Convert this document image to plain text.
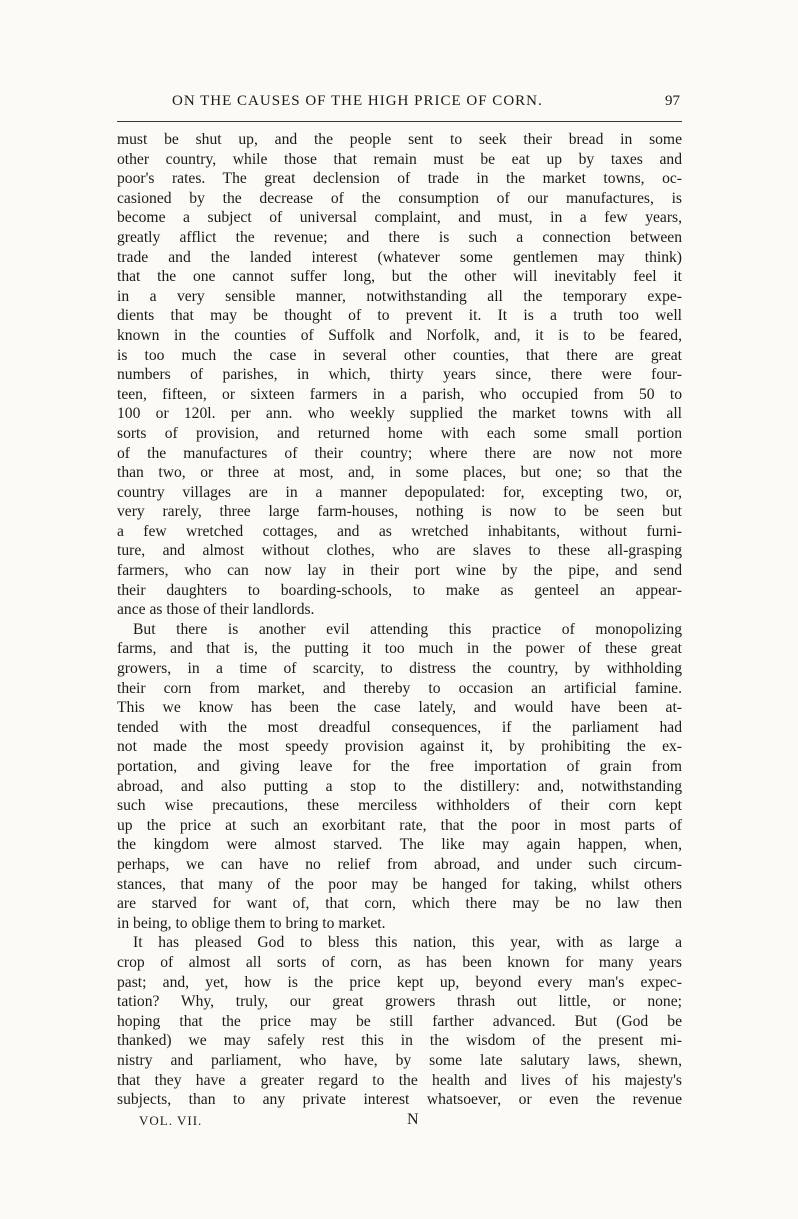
ON THE CAUSES OF THE HIGH PRICE OF CORN.	97
must be shut up, and the people sent to seek their bread in some
other country, while those that remain must be eat up by taxes and
poor's rates. The great declension of trade in the market towns, oc-
casioned by the decrease of the consumption of our manufactures, is
become a subject of universal complaint, and must, in a few years,
greatly afflict the revenue; and there is such a connection between
trade and the landed interest (whatever some gentlemen may think)
that the one cannot suffer long, but the other will inevitably feel it
in a very sensible manner, notwithstanding all the temporary expe-
dients that may be thought of to prevent it. It is a truth too well
known in the counties of Suffolk and Norfolk, and, it is to be feared,
is too much the case in several other counties, that there are great
numbers of parishes, in which, thirty years since, there were four-
teen, fifteen, or sixteen farmers in a parish, who occupied from 50 to
100 or 120l. per ann. who weekly supplied the market towns with all
sorts of provision, and returned home with each some small portion
of the manufactures of their country; where there are now not more
than two, or three at most, and, in some places, but one; so that the
country villages are in a manner depopulated: for, excepting two, or,
very rarely, three large farm-houses, nothing is now to be seen but
a few wretched cottages, and as wretched inhabitants, without furni-
ture, and almost without clothes, who are slaves to these all-grasping
farmers, who can now lay in their port wine by the pipe, and send
their daughters to boarding-schools, to make as genteel an appear-
ance as those of their landlords.
But there is another evil attending this practice of monopolizing
farms, and that is, the putting it too much in the power of these great
growers, in a time of scarcity, to distress the country, by withholding
their corn from market, and thereby to occasion an artificial famine.
This we know has been the case lately, and would have been at-
tended with the most dreadful consequences, if the parliament had
not made the most speedy provision against it, by prohibiting the ex-
portation, and giving leave for the free importation of grain from
abroad, and also putting a stop to the distillery: and, notwithstanding
such wise precautions, these merciless withholders of their corn kept
up the price at such an exorbitant rate, that the poor in most parts of
the kingdom were almost starved. The like may again happen, when,
perhaps, we can have no relief from abroad, and under such circum-
stances, that many of the poor may be hanged for taking, whilst others
are starved for want of, that corn, which there may be no law then
in being, to oblige them to bring to market.
It has pleased God to bless this nation, this year, with as large a
crop of almost all sorts of corn, as has been known for many years
past; and, yet, how is the price kept up, beyond every man's expec-
tation? Why, truly, our great growers thrash out little, or none;
hoping that the price may be still farther advanced. But (God be
thanked) we may safely rest this in the wisdom of the present mi-
nistry and parliament, who have, by some late salutary laws, shewn,
that they have a greater regard to the health and lives of his majesty's
subjects, than to any private interest whatsoever, or even the revenue
VOL. VII.	N
